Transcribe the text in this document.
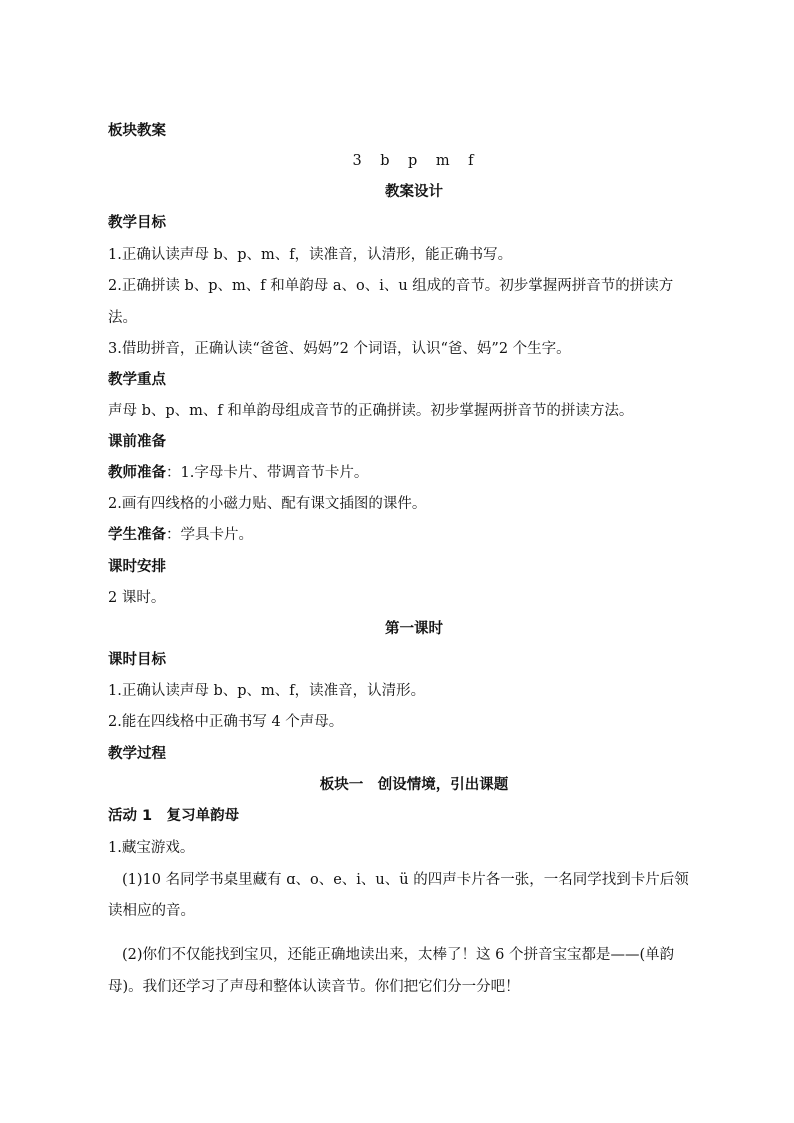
板块教案
3　b　p　m　f
教案设计
教学目标
1.正确认读声母 b、p、m、f，读准音，认清形，能正确书写。
2.正确拼读 b、p、m、f 和单韵母 a、o、i、u 组成的音节。初步掌握两拼音节的拼读方
法。
3.借助拼音，正确认读“爸爸、妈妈”2 个词语，认识“爸、妈”2 个生字。
教学重点
声母 b、p、m、f 和单韵母组成音节的正确拼读。初步掌握两拼音节的拼读方法。
课前准备
教师准备：1.字母卡片、带调音节卡片。
2.画有四线格的小磁力贴、配有课文插图的课件。
学生准备：学具卡片。
课时安排
2 课时。
第一课时
课时目标
1.正确认读声母 b、p、m、f，读准音，认清形。
2.能在四线格中正确书写 4 个声母。
教学过程
板块一　创设情境，引出课题
活动 1　复习单韵母
1.藏宝游戏。
(1)10 名同学书桌里藏有 ɑ、o、e、i、u、ü 的四声卡片各一张，一名同学找到卡片后领
读相应的音。
(2)你们不仅能找到宝贝，还能正确地读出来，太棒了！这 6 个拼音宝宝都是——(单韵
母)。我们还学习了声母和整体认读音节。你们把它们分一分吧！
